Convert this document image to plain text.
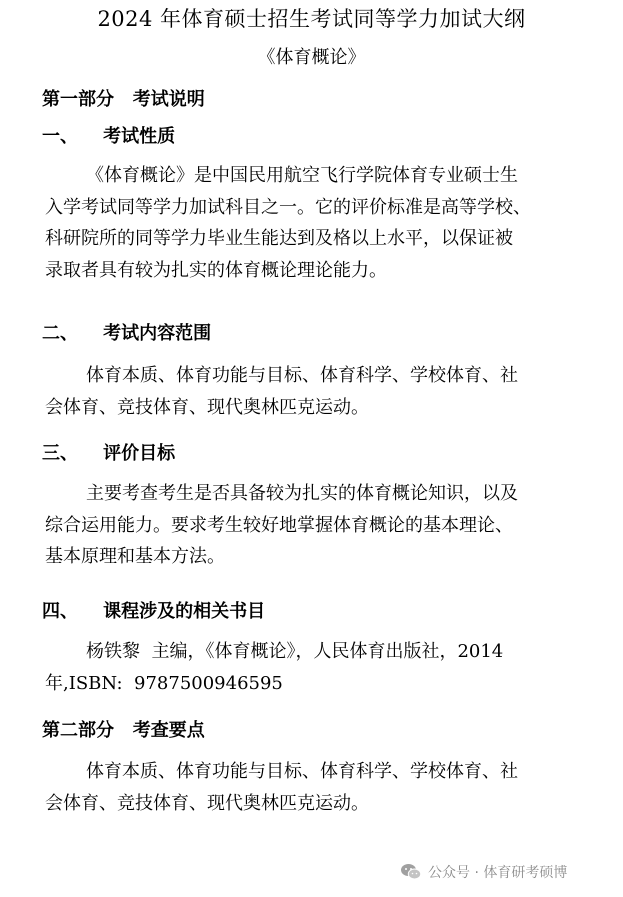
2024 年体育硕士招生考试同等学力加试大纲
《体育概论》
第一部分   考试说明
一、    考试性质
《体育概论》是中国民用航空飞行学院体育专业硕士生
入学考试同等学力加试科目之一。它的评价标准是高等学校、
科研院所的同等学力毕业生能达到及格以上水平，以保证被
录取者具有较为扎实的体育概论理论能力。
二、    考试内容范围
体育本质、体育功能与目标、体育科学、学校体育、社
会体育、竞技体育、现代奥林匹克运动。
三、    评价目标
主要考查考生是否具备较为扎实的体育概论知识，以及
综合运用能力。要求考生较好地掌握体育概论的基本理论、
基本原理和基本方法。
四、    课程涉及的相关书目
杨铁黎  主编，《体育概论》，人民体育出版社，2014
年,ISBN:  9787500946595
第二部分   考查要点
体育本质、体育功能与目标、体育科学、学校体育、社
会体育、竞技体育、现代奥林匹克运动。
公众号 · 体育研考硕博
